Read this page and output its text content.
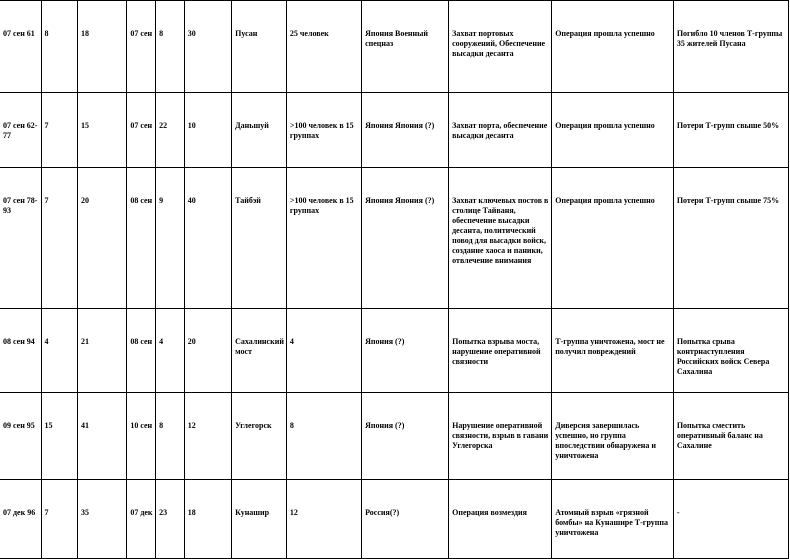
07 сен 61	8	18	07 сен	8	30	Пусан	25 человек	Япония Военный спецназ	Захват портовых сооружений, Обеспечение высадки десанта	Операция прошла успешно	Погибло 10 членов Т-группы 35 жителей Пусана
07 сен 62-77	7	15	07 сен	22	10	Даньшуй	>100 человек в 15 группах	Япония Япония (?)	Захват порта, обеспечение высадки десанта	Операция прошла успешно	Потери Т-групп свыше 50%
07 сен 78-93	7	20	08 сен	9	40	Тайбэй	>100 человек в 15 группах	Япония Япония (?)	Захват ключевых постов в столице Тайваня, обеспечение высадки десанта, политический повод для высадки войск, создание хаоса и паники, отвлечение внимания	Операция прошла успешно	Потери Т-групп свыше 75%
08 сен 94	4	21	08 сен	4	20	Сахалинский мост	4	Япония (?)	Попытка взрыва моста, нарушение оперативной связности	Т-группа уничтожена, мост не получил повреждений	Попытка срыва контрнаступления Российских войск Севера Сахалина
09 сен 95	15	41	10 сен	8	12	Углегорск	8	Япония (?)	Нарушение оперативной связности, взрыв в гавани Углегорска	Диверсия завершилась успешно, но группа впоследствии обнаружена и уничтожена	Попытка сместить оперативный баланс на Сахалине
07 дек 96	7	35	07 дек	23	18	Кунашир	12	Россия(?)	Операция возмездия	Атомный взрыв «грязной бомбы» на Кунашире Т-группа уничтожена	-
